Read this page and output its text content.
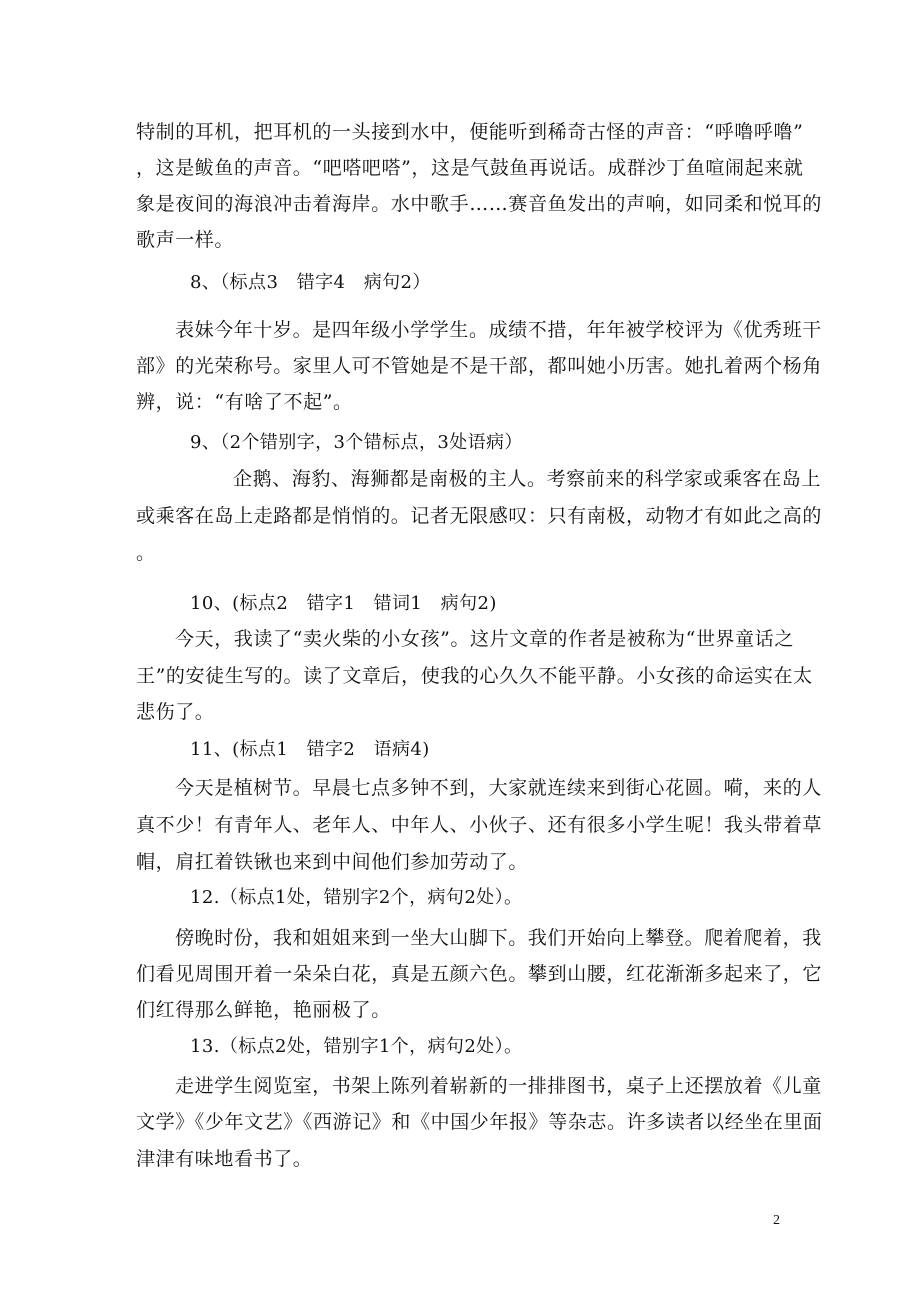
特制的耳机，把耳机的一头接到水中，便能听到稀奇古怪的声音：“呼噜呼噜”
，这是鲅鱼的声音。“吧嗒吧嗒”，这是气鼓鱼再说话。成群沙丁鱼喧闹起来就
象是夜间的海浪冲击着海岸。水中歌手……赛音鱼发出的声响，如同柔和悦耳的
歌声一样。
8、（标点3　错字4　病句2）
表妹今年十岁。是四年级小学学生。成绩不措，年年被学校评为《优秀班干
部》的光荣称号。家里人可不管她是不是干部，都叫她小历害。她扎着两个杨角
辨，说：“有啥了不起”。
9、（2个错别字，3个错标点，3处语病）
企鹅、海豹、海狮都是南极的主人。考察前来的科学家或乘客在岛上
或乘客在岛上走路都是悄悄的。记者无限感叹：只有南极，动物才有如此之高的
。
10、(标点2　错字1　错词1　病句2)
今天，我读了“卖火柴的小女孩”。这片文章的作者是被称为“世界童话之
王”的安徒生写的。读了文章后，使我的心久久不能平静。小女孩的命运实在太
悲伤了。
11、(标点1　错字2　语病4)
今天是植树节。早晨七点多钟不到，大家就连续来到街心花圆。嗬，来的人
真不少！有青年人、老年人、中年人、小伙子、还有很多小学生呢！我头带着草
帽，肩扛着铁锹也来到中间他们参加劳动了。
12.（标点1处，错别字2个，病句2处）。
傍晚时份，我和姐姐来到一坐大山脚下。我们开始向上攀登。爬着爬着，我
们看见周围开着一朵朵白花，真是五颜六色。攀到山腰，红花渐渐多起来了，它
们红得那么鲜艳，艳丽极了。
13.（标点2处，错别字1个，病句2处）。
走进学生阅览室，书架上陈列着崭新的一排排图书，桌子上还摆放着《儿童
文学》《少年文艺》《西游记》和《中国少年报》等杂志。许多读者以经坐在里面
津津有味地看书了。
2
